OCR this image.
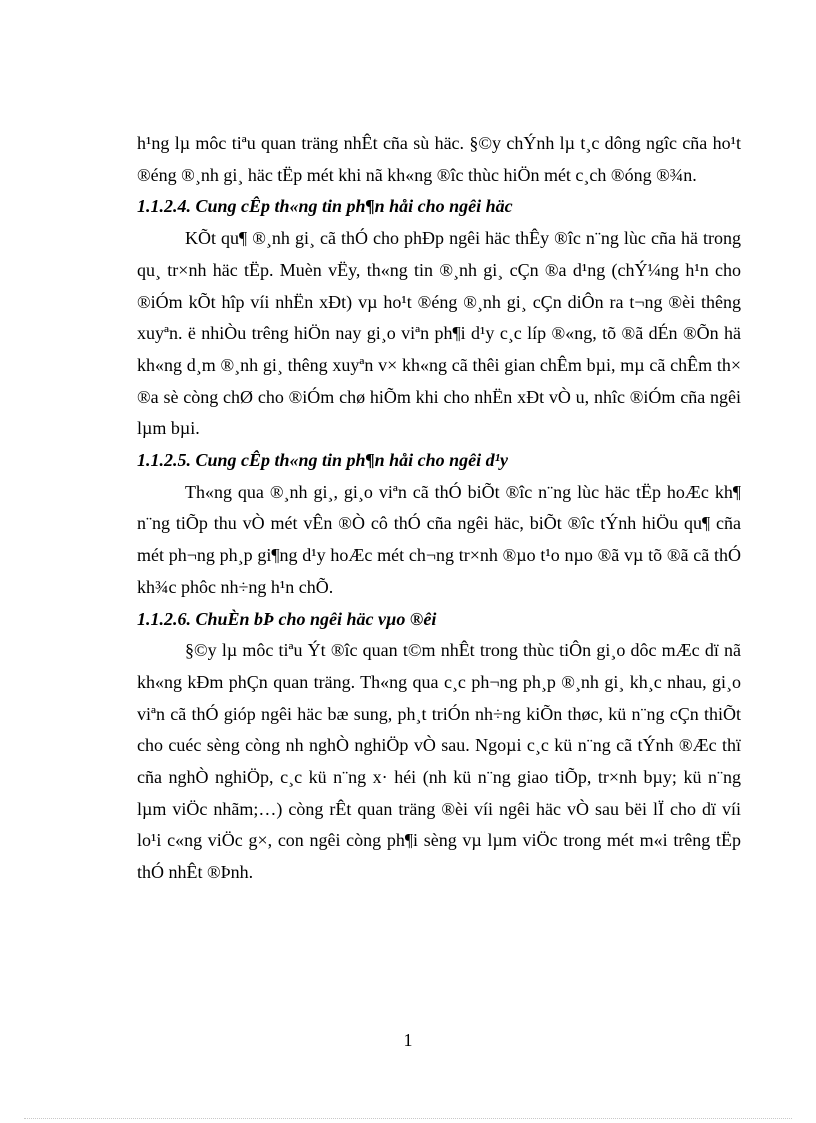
h¹ng lµ môc tiªu quan träng nhÊt cña sù häc. §©y chÝnh lµ t¸c dông ngîc cña ho¹t ®éng ®¸nh gi¸ häc tËp mét khi nã kh«ng ®îc thùc hiÖn mét c¸ch ®óng ®¾n.

1.1.2.4. Cung cÊp th«ng tin ph¶n håi cho ngêi häc

KÕt qu¶ ®¸nh gi¸ cã thÓ cho phÐp ngêi häc thÊy ®îc n¨ng lùc cña hä trong qu¸ tr×nh häc tËp. Muèn vËy, th«ng tin ®¸nh gi¸ cÇn ®a d¹ng (chÝ¼ng h¹n cho ®iÓm kÕt hîp víi nhËn xÐt) vµ ho¹t ®éng ®¸nh gi¸ cÇn diÔn ra t¬ng ®èi thêng xuyªn. ë nhiÒu trêng hiÖn nay gi¸o viªn ph¶i d¹y c¸c líp ®«ng, tõ ®ã dÉn ®Õn hä kh«ng d¸m ®¸nh gi¸ thêng xuyªn v× kh«ng cã thêi gian chÊm bµi, mµ cã chÊm th× ®a sè còng chØ cho ®iÓm chø hiÕm khi cho nhËn xÐt vÒ u, nhîc ®iÓm cña ngêi lµm bµi.

1.1.2.5. Cung cÊp th«ng tin ph¶n håi cho ngêi d¹y

Th«ng qua ®¸nh gi¸, gi¸o viªn cã thÓ biÕt ®îc n¨ng lùc häc tËp hoÆc kh¶ n¨ng tiÕp thu vÒ mét vÊn ®Ò cô thÓ cña ngêi häc, biÕt ®îc tÝnh hiÖu qu¶ cña mét ph¬ng ph¸p gi¶ng d¹y hoÆc mét ch¬ng tr×nh ®µo t¹o nµo ®ã vµ tõ ®ã cã thÓ kh¾c phôc nh÷ng h¹n chÕ.

1.1.2.6. ChuÈn bÞ cho ngêi häc vµo ®êi

§©y lµ môc tiªu Ýt ®îc quan t©m nhÊt trong thùc tiÔn gi¸o dôc mÆc dï nã kh«ng kÐm phÇn quan träng. Th«ng qua c¸c ph¬ng ph¸p ®¸nh gi¸ kh¸c nhau, gi¸o viªn cã thÓ gióp ngêi häc bæ sung, ph¸t triÓn nh÷ng kiÕn thøc, kü n¨ng cÇn thiÕt cho cuéc sèng còng nh nghÒ nghiÖp vÒ sau. Ngoµi c¸c kü n¨ng cã tÝnh ®Æc thï cña nghÒ nghiÖp, c¸c kü n¨ng x· héi (nh kü n¨ng giao tiÕp, tr×nh bµy; kü n¨ng lµm viÖc nhãm;…) còng rÊt quan träng ®èi víi ngêi häc vÒ sau bëi lÏ cho dï víi lo¹i c«ng viÖc g×, con ngêi còng ph¶i sèng vµ lµm viÖc trong mét m«i trêng tËp thÓ nhÊt ®Þnh.

1
